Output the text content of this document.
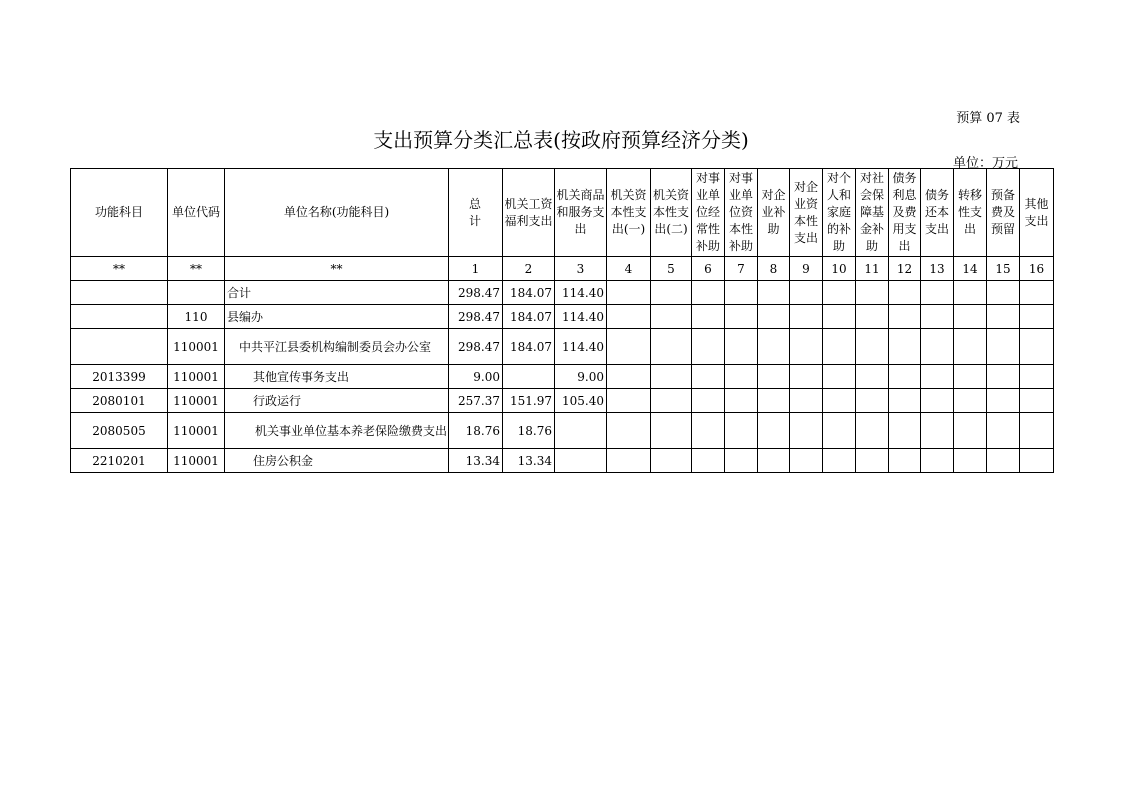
预算 07 表
支出预算分类汇总表(按政府预算经济分类)
单位：万元
功能科目	单位代码	单位名称(功能科目)	总 计	机关工资福利支出	机关商品和服务支出	机关资本性支出(一)	机关资本性支出(二)	对事业单位经常性补助	对事业单位资本性补助	对企业补助	对企业资本性支出	对个人和家庭的补助	对社会保障基金补助	债务利息及费用支出	债务还本支出	转移性支出	预备费及预留	其他支出
**	**	**	1	2	3	4	5	6	7	8	9	10	11	12	13	14	15	16
		合计	298.47	184.07	114.40													
	110	县编办	298.47	184.07	114.40													
	110001	中共平江县委机构编制委员会办公室	298.47	184.07	114.40													
2013399	110001	其他宣传事务支出	9.00		9.00													
2080101	110001	行政运行	257.37	151.97	105.40													
2080505	110001	机关事业单位基本养老保险缴费支出	18.76	18.76														
2210201	110001	住房公积金	13.34	13.34														
